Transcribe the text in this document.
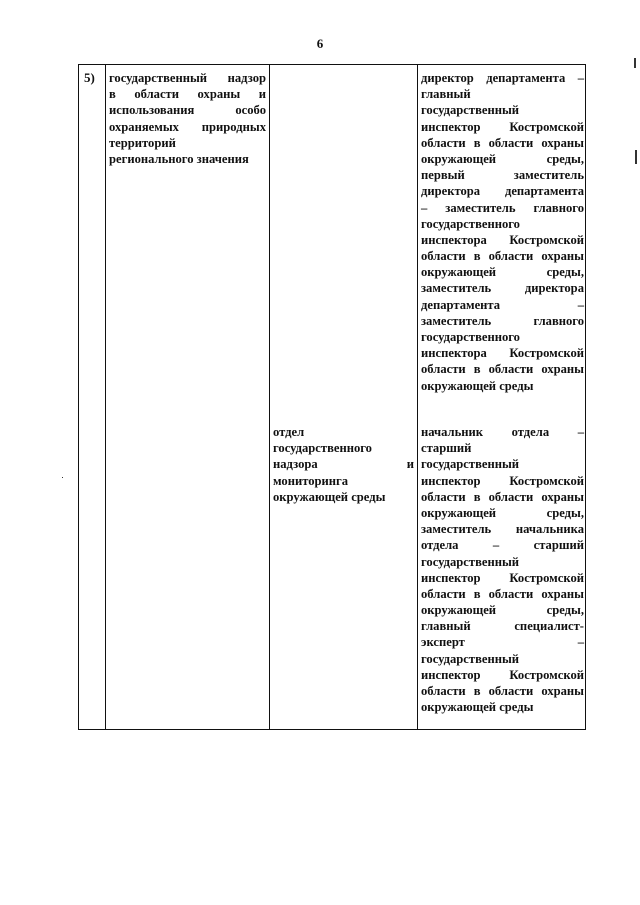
6
5) государственный надзор
в области охраны и
использования особо
охраняемых природных
территорий
регионального значения
отдел
государственного
надзора и
мониторинга
окружающей среды
директор департамента –
главный
государственный
инспектор Костромской
области в области охраны
окружающей среды,
первый заместитель
директора департамента
– заместитель главного
государственного
инспектора Костромской
области в области охраны
окружающей среды,
заместитель директора
департамента –
заместитель главного
государственного
инспектора Костромской
области в области охраны
окружающей среды
начальник отдела –
старший
государственный
инспектор Костромской
области в области охраны
окружающей среды,
заместитель начальника
отдела – старший
государственный
инспектор Костромской
области в области охраны
окружающей среды,
главный специалист-
эксперт –
государственный
инспектор Костромской
области в области охраны
окружающей среды
